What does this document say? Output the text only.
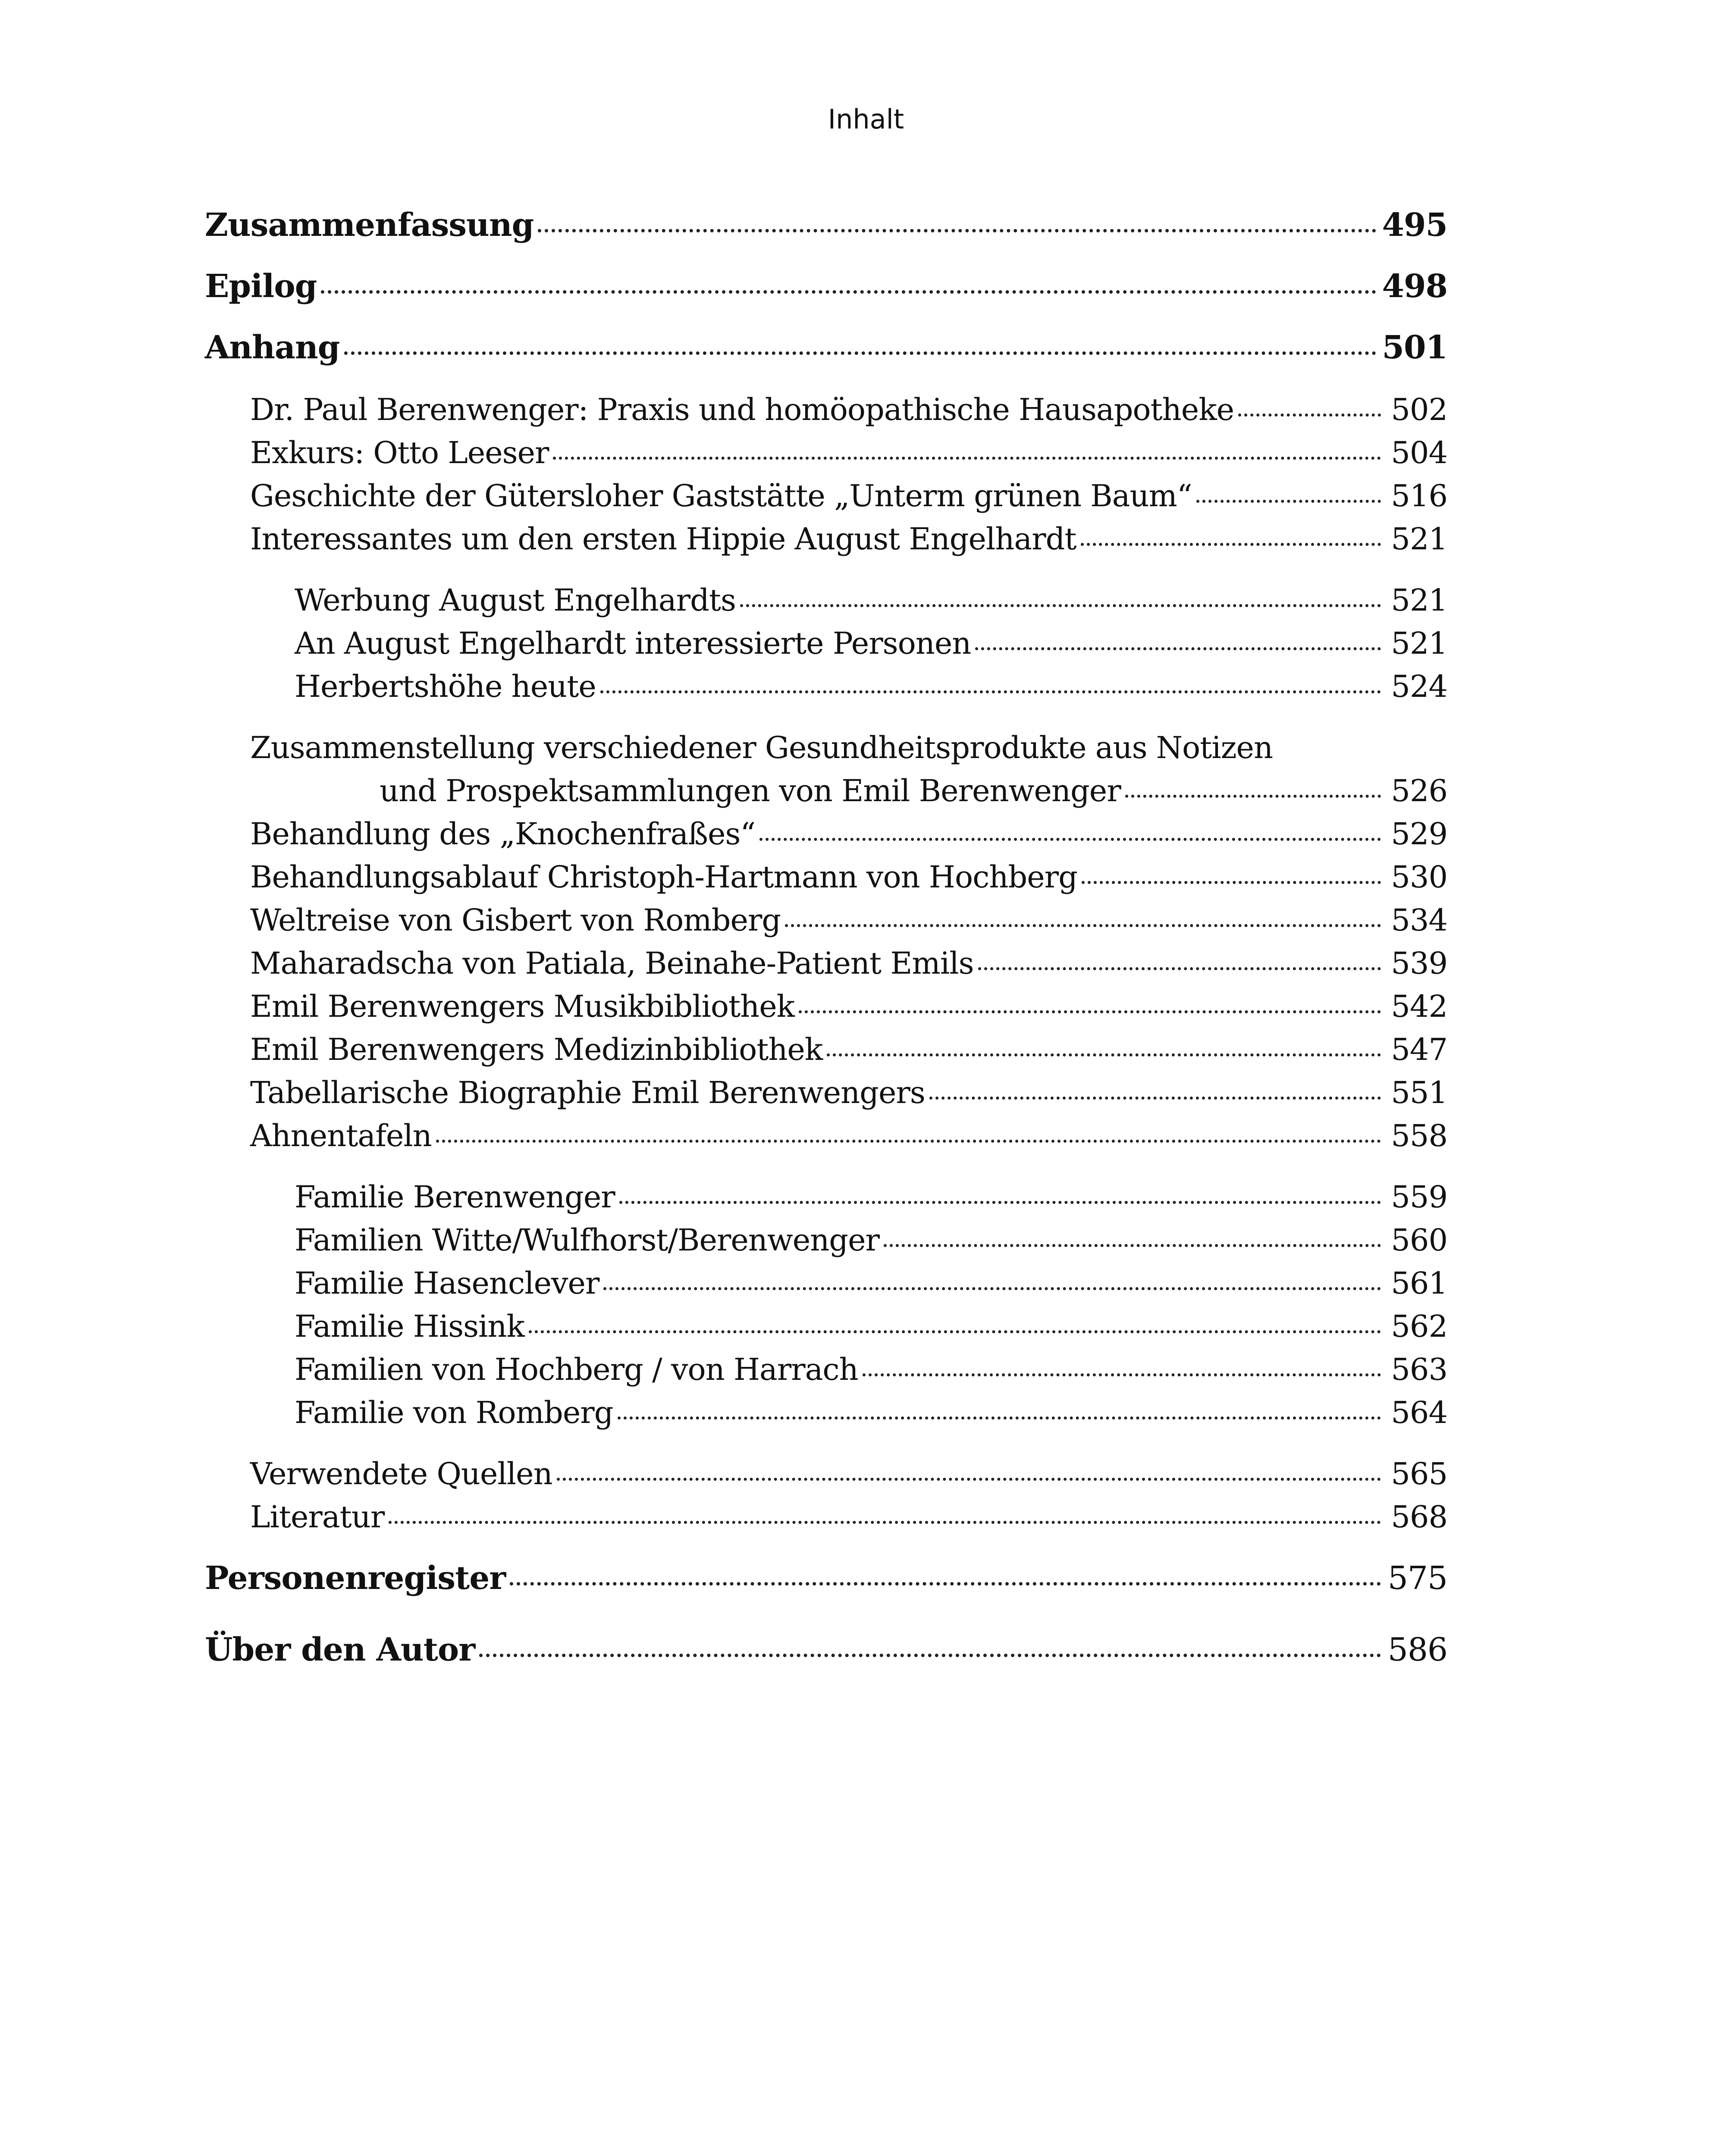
Inhalt
Zusammenfassung	495
Epilog	498
Anhang	501
Dr. Paul Berenwenger: Praxis und homöopathische Hausapotheke	502
Exkurs: Otto Leeser	504
Geschichte der Gütersloher Gaststätte „Unterm grünen Baum“	516
Interessantes um den ersten Hippie August Engelhardt	521
Werbung August Engelhardts	521
An August Engelhardt interessierte Personen	521
Herbertshöhe heute	524
Zusammenstellung verschiedener Gesundheitsprodukte aus Notizen
und Prospektsammlungen von Emil Berenwenger	526
Behandlung des „Knochenfraßes“	529
Behandlungsablauf Christoph-Hartmann von Hochberg	530
Weltreise von Gisbert von Romberg	534
Maharadscha von Patiala, Beinahe-Patient Emils	539
Emil Berenwengers Musikbibliothek	542
Emil Berenwengers Medizinbibliothek	547
Tabellarische Biographie Emil Berenwengers	551
Ahnentafeln	558
Familie Berenwenger	559
Familien Witte/Wulfhorst/Berenwenger	560
Familie Hasenclever	561
Familie Hissink	562
Familien von Hochberg / von Harrach	563
Familie von Romberg	564
Verwendete Quellen	565
Literatur	568
Personenregister	575
Über den Autor	586
